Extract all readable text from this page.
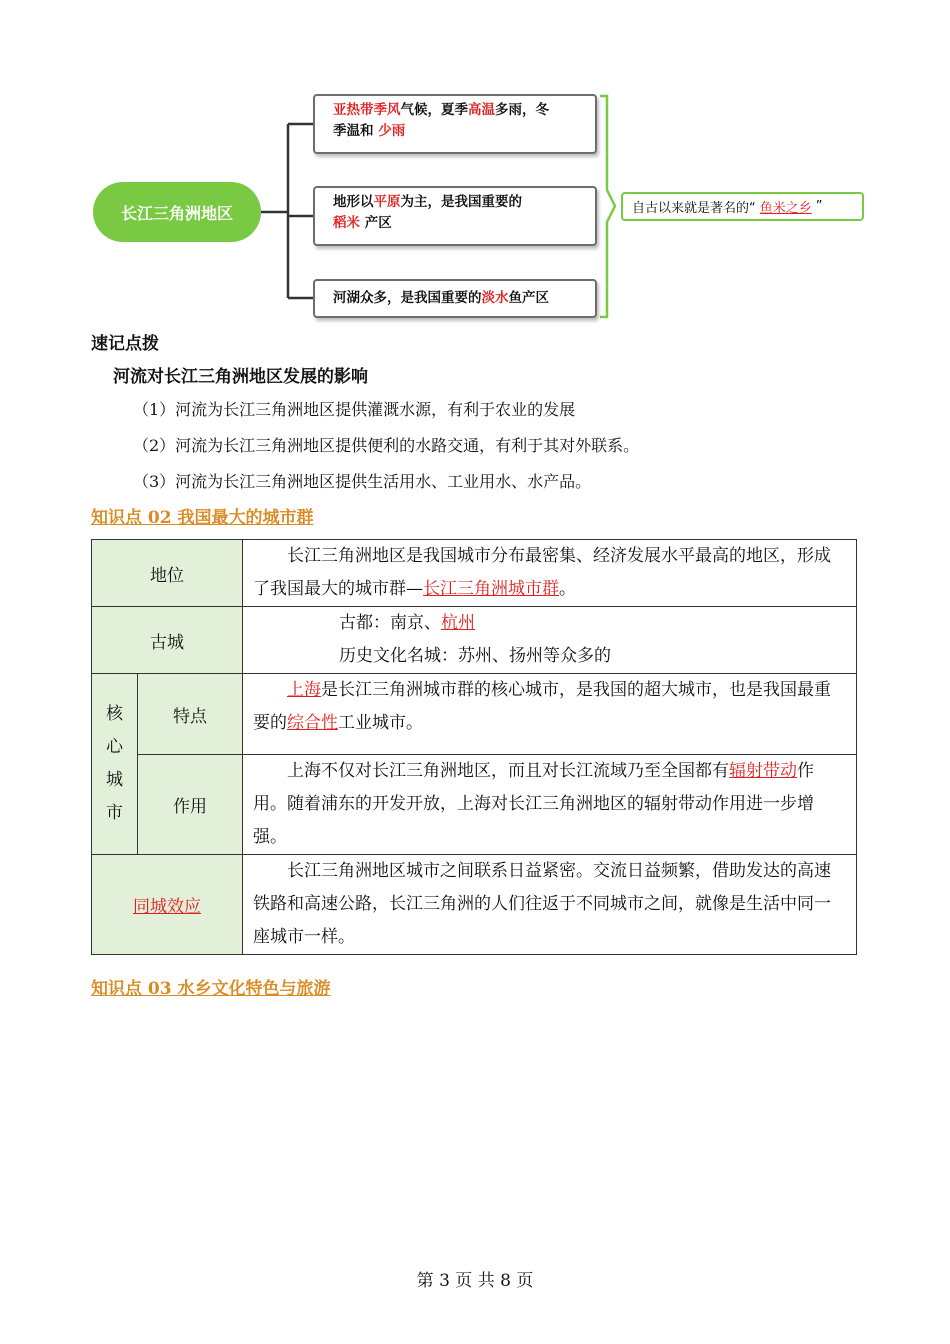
长江三角洲地区
亚热带季风气候，夏季高温多雨，冬
季温和 少雨
地形以平原为主，是我国重要的
稻米 产区
河湖众多，是我国重要的 淡水 鱼产区
自古以来就是著名的“ 鱼米之乡 ”
速记点拨
河流对长江三角洲地区发展的影响
（1）河流为长江三角洲地区提供灌溉水源，有利于农业的发展
（2）河流为长江三角洲地区提供便利的水路交通，有利于其对外联系。
（3）河流为长江三角洲地区提供生活用水、工业用水、水产品。
知识点 02 我国最大的城市群
地位		长江三角洲地区是我国城市分布最密集、经济发展水平最高的地区，形成了我国最大的城市群—长江三角洲城市群。

古城		古都：南京、杭州
历史文化名城：苏州、扬州等众多的

核
心
城
市	特点	上海是长江三角洲城市群的核心城市，是我国的超大城市，也是我国最重要的综合性工业城市。

	作用	上海不仅对长江三角洲地区，而且对长江流域乃至全国都有辐射带动作用。随着浦东的开发开放，上海对长江三角洲地区的辐射带动作用进一步增强。

同城效应		长江三角洲地区城市之间联系日益紧密。交流日益频繁，借助发达的高速铁路和高速公路，长江三角洲的人们往返于不同城市之间，就像是生活中同一座城市一样。
知识点 03 水乡文化特色与旅游
第 3 页 共 8 页
